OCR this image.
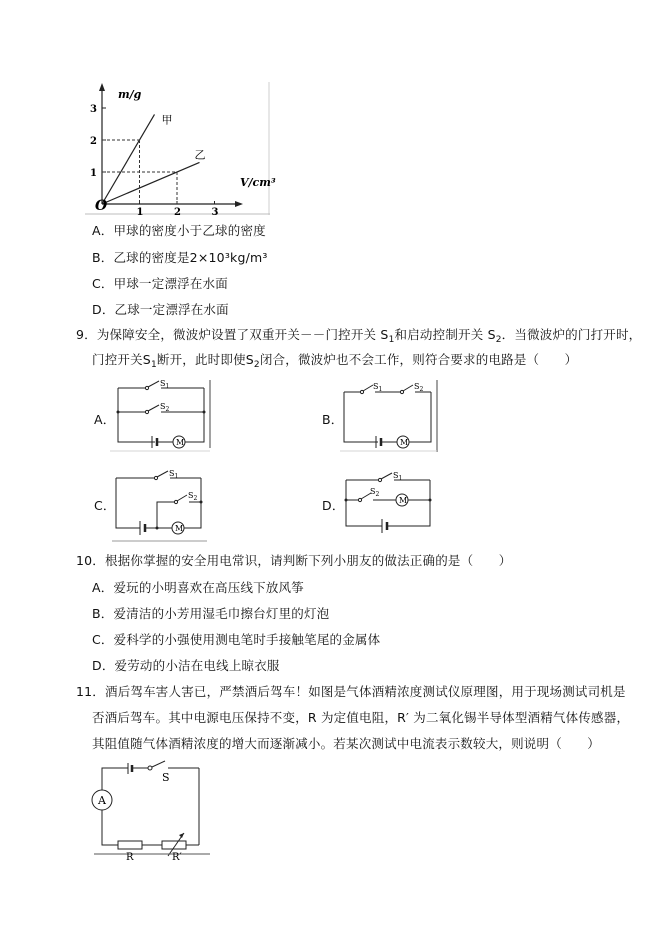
1	2	3
1
2
3
甲
乙
m/g
V/cm³
O
A．甲球的密度小于乙球的密度
B．乙球的密度是2×10³kg/m³
C．甲球一定漂浮在水面
D．乙球一定漂浮在水面
9．为保障安全，微波炉设置了双重开关－－门控开关 $S_1$和启动控制开关 $S_2$．当微波炉的门打开时，
门控开关$S_1$断开，此时即使$S_2$闭合，微波炉也不会工作，则符合要求的电路是（　　）
A．
$S_1$
$S_2$
M
B．
$S_1$	$S_2$
M
C．
$S_1$
$S_2$
M
D．
$S_1$
$S_2$
M
10．根据你掌握的安全用电常识，请判断下列小朋友的做法正确的是（　　）
A．爱玩的小明喜欢在高压线下放风筝
B．爱清洁的小芳用湿毛巾擦台灯里的灯泡
C．爱科学的小强使用测电笔时手接触笔尾的金属体
D．爱劳动的小洁在电线上晾衣服
11．酒后驾车害人害已，严禁酒后驾车！如图是气体酒精浓度测试仪原理图，用于现场测试司机是
否酒后驾车。其中电源电压保持不变，R 为定值电阻，R′ 为二氧化锡半导体型酒精气体传感器，
其阻值随气体酒精浓度的增大而逐渐减小。若某次测试中电流表示数较大，则说明（　　）
A
S
R	R′
